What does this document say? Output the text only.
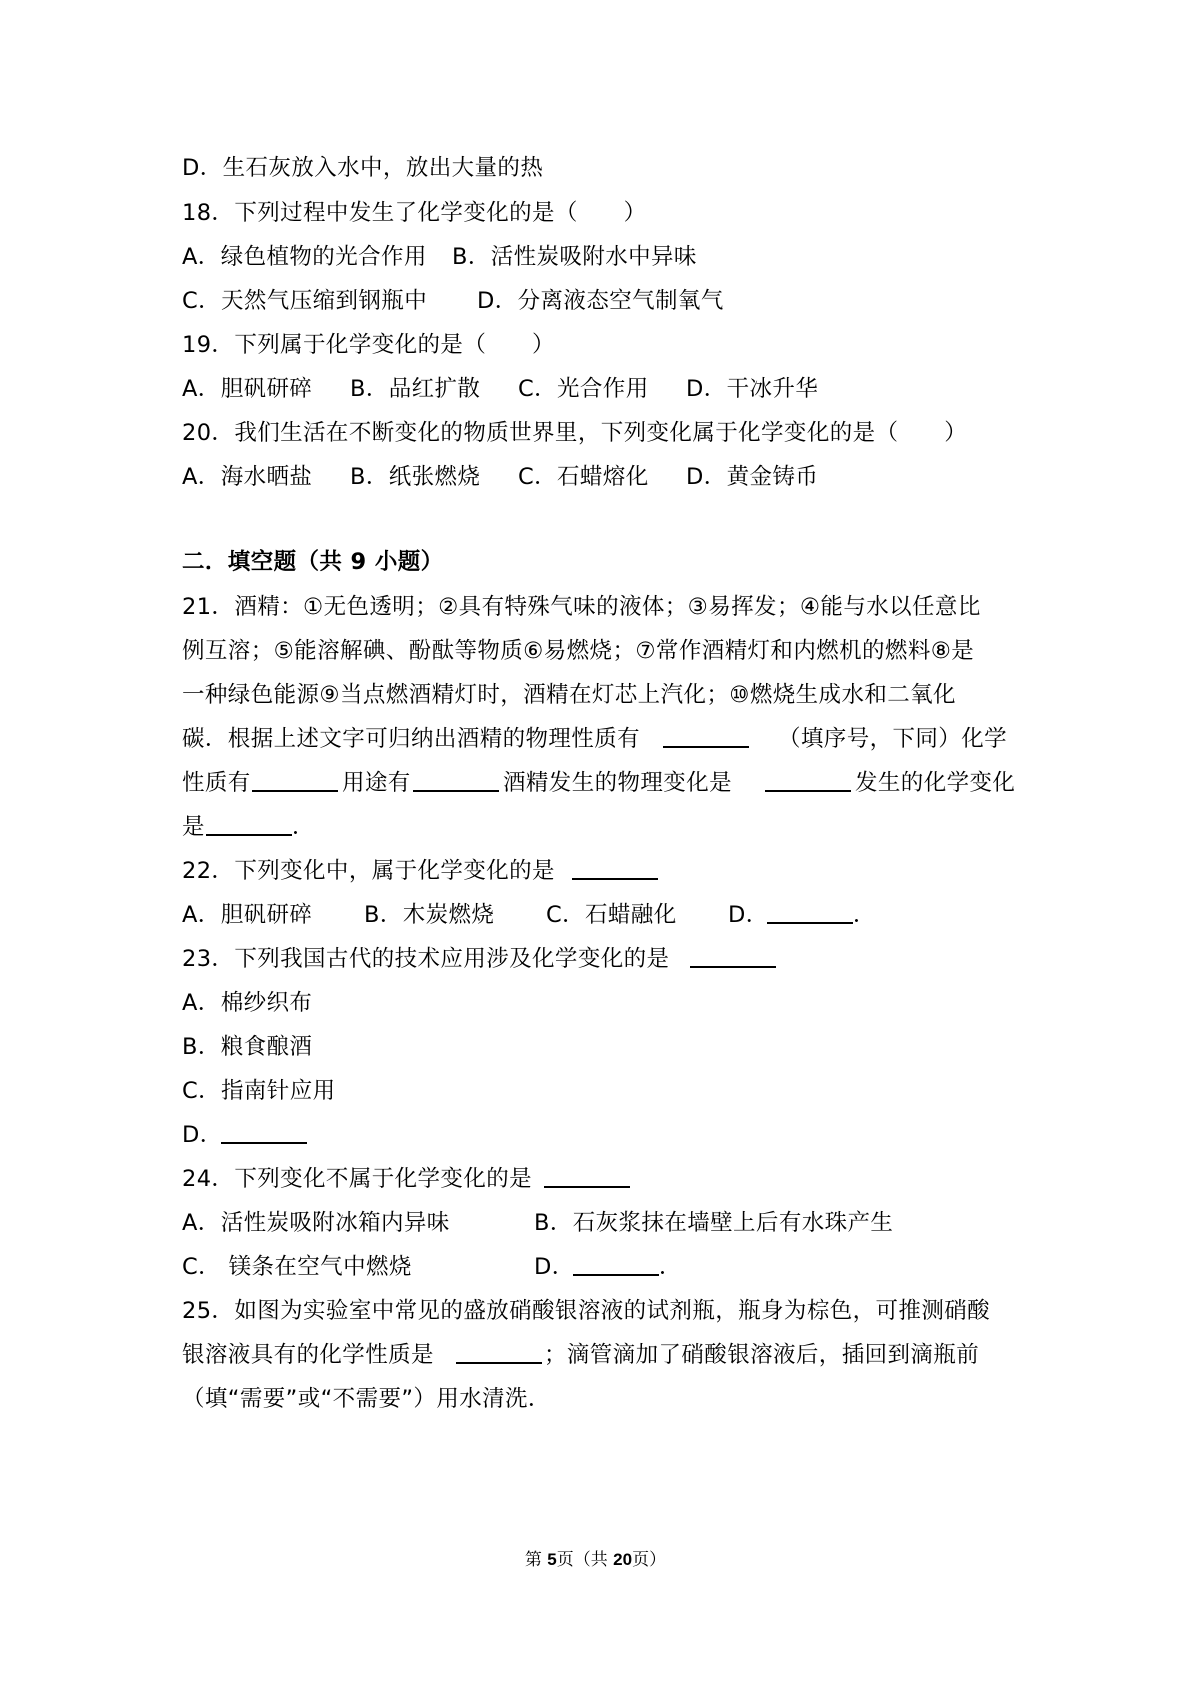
D．生石灰放入水中，放出大量的热
18．下列过程中发生了化学变化的是（　　）
A．绿色植物的光合作用 B．活性炭吸附水中异味
C．天然气压缩到钢瓶中 D．分离液态空气制氧气
19．下列属于化学变化的是（　　）
A．胆矾研碎 B．品红扩散 C．光合作用 D．干冰升华
20．我们生活在不断变化的物质世界里，下列变化属于化学变化的是（　　）
A．海水晒盐 B．纸张燃烧 C．石蜡熔化 D．黄金铸币
二．填空题（共 9 小题）
21．酒精：①无色透明；②具有特殊气味的液体；③易挥发；④能与水以任意比
例互溶；⑤能溶解碘、酚酞等物质⑥易燃烧；⑦常作酒精灯和内燃机的燃料⑧是
一种绿色能源⑨当点燃酒精灯时，酒精在灯芯上汽化；⑩燃烧生成水和二氧化
碳．根据上述文字可归纳出酒精的物理性质有	（填序号，下同）化学
性质有	用途有	酒精发生的物理变化是	发生的化学变化
是	．
22．下列变化中，属于化学变化的是
A．胆矾研碎 B．木炭燃烧 C．石蜡融化 D．	．
23．下列我国古代的技术应用涉及化学变化的是
A．棉纱织布
B．粮食酿酒
C．指南针应用
D．
24．下列变化不属于化学变化的是
A．活性炭吸附冰箱内异味	B．石灰浆抹在墙壁上后有水珠产生
C． 镁条在空气中燃烧	D．	．
25．如图为实验室中常见的盛放硝酸银溶液的试剂瓶，瓶身为棕色，可推测硝酸
银溶液具有的化学性质是	；滴管滴加了硝酸银溶液后，插回到滴瓶前
（填“需要”或“不需要”）用水清洗．
第 5页（共 20页）
